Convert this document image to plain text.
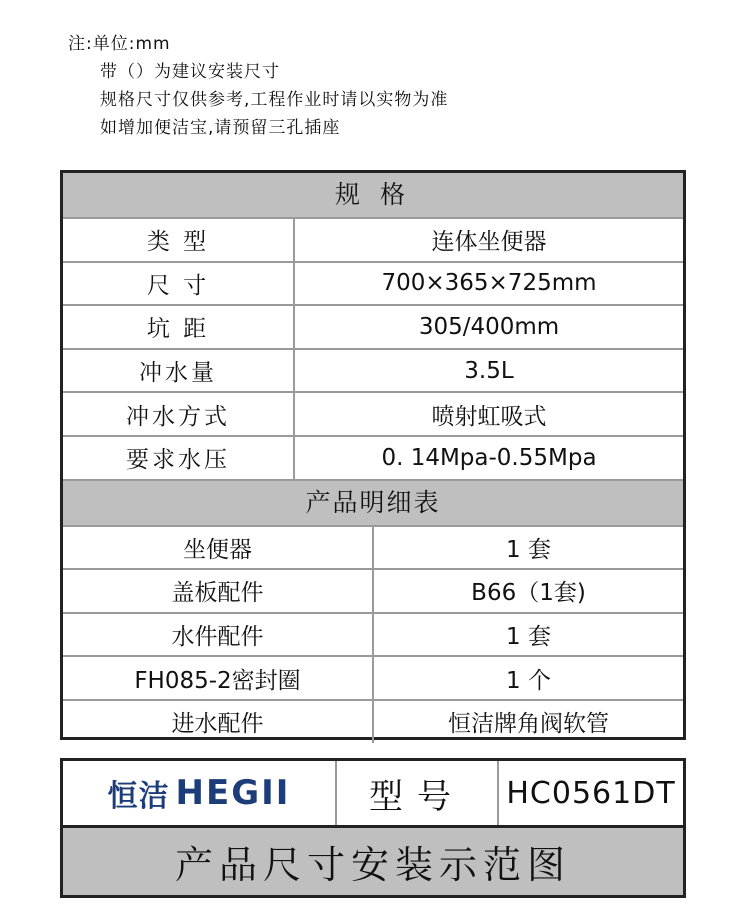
注:单位:mm
带（）为建议安装尺寸
规格尺寸仅供参考,工程作业时请以实物为准
如增加便洁宝,请预留三孔插座
规 格
类 型	连体坐便器
尺 寸	700×365×725mm
坑 距	305/400mm
冲水量	3.5L
冲水方式	喷射虹吸式
要求水压	0. 14Mpa-0.55Mpa
产品明细表
坐便器	1 套
盖板配件	B66（1套)
水件配件	1 套
FH085-2密封圈	1 个
进水配件	恒洁牌角阀软管
恒洁 HEGII	型号	HC0561DT
产品尺寸安装示范图
